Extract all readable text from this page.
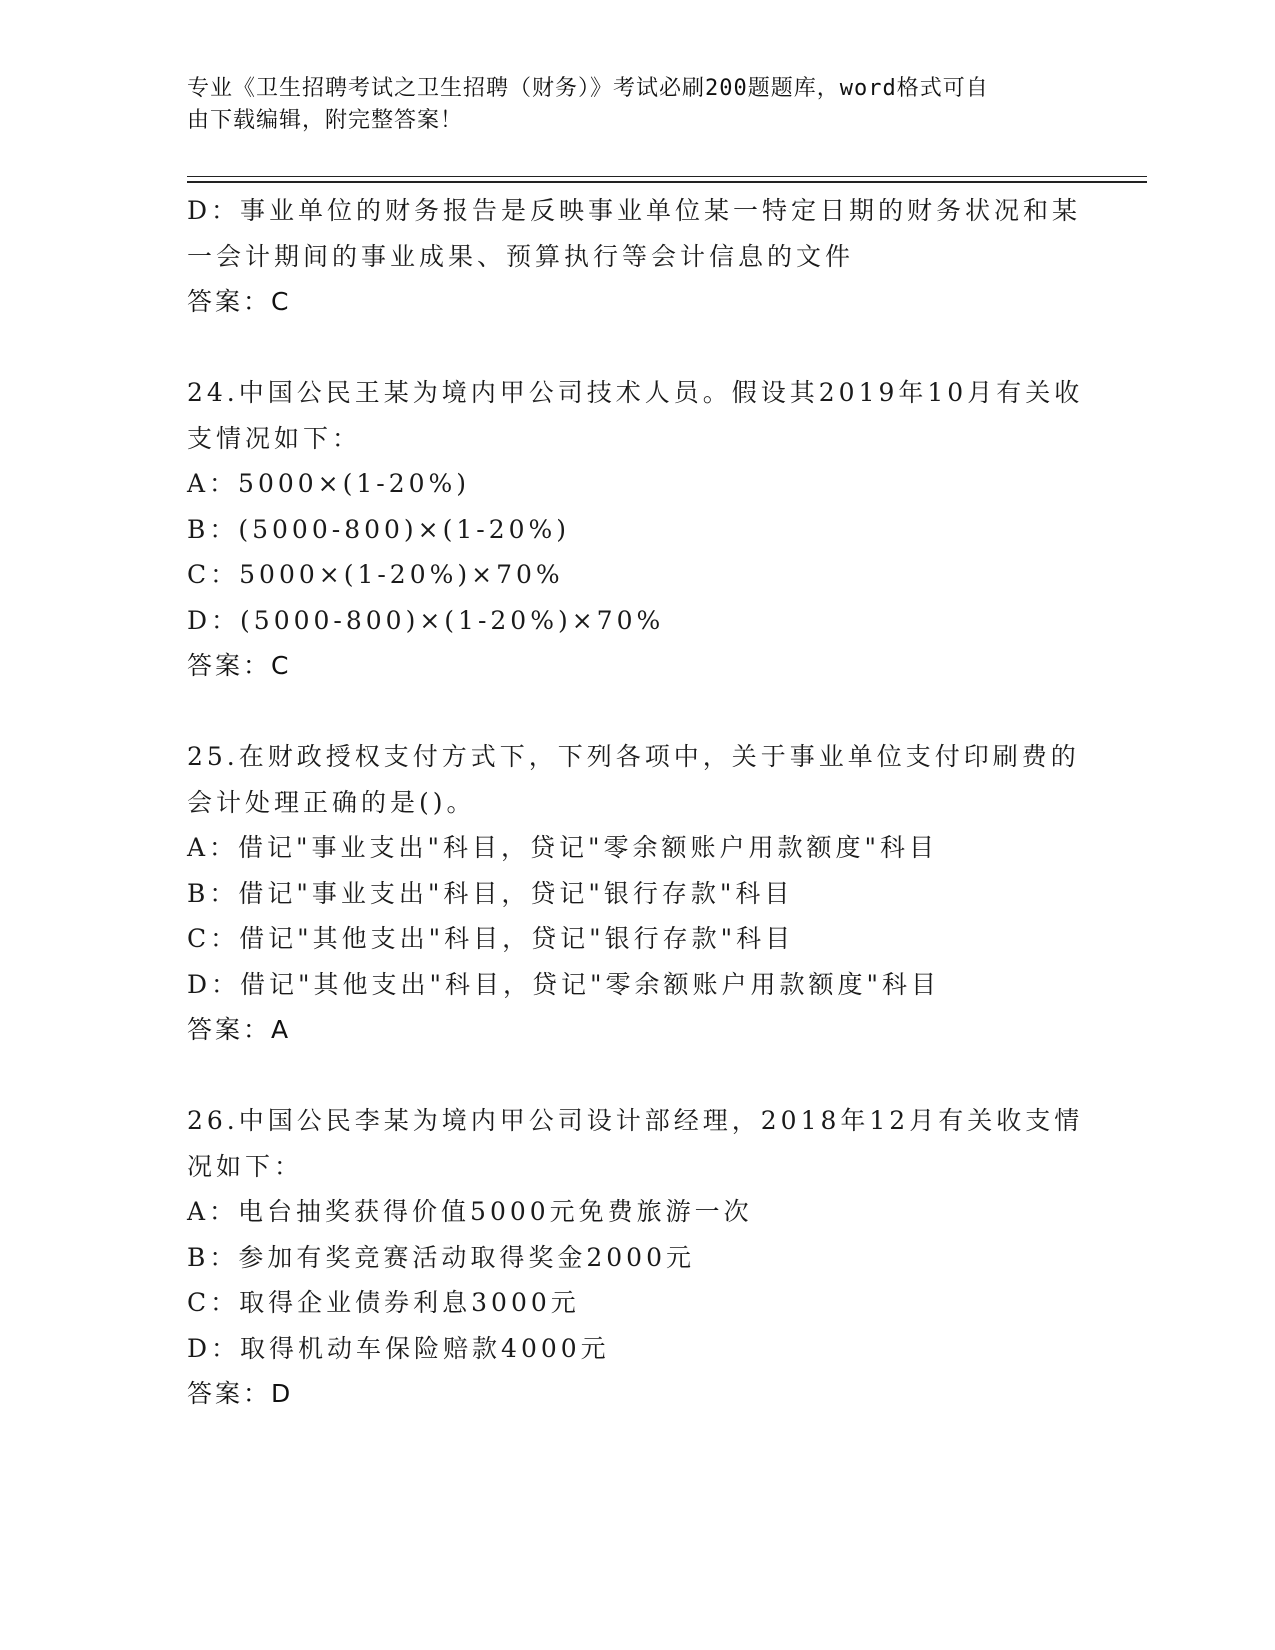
专业《卫生招聘考试之卫生招聘（财务）》考试必刷200题题库，word格式可自
由下载编辑，附完整答案！
D：事业单位的财务报告是反映事业单位某一特定日期的财务状况和某
一会计期间的事业成果、预算执行等会计信息的文件
答案：C
24.中国公民王某为境内甲公司技术人员。假设其2019年10月有关收
支情况如下：
A：5000×(1-20%)
B：(5000-800)×(1-20%)
C：5000×(1-20%)×70%
D：(5000-800)×(1-20%)×70%
答案：C
25.在财政授权支付方式下，下列各项中，关于事业单位支付印刷费的
会计处理正确的是()。
A：借记"事业支出"科目，贷记"零余额账户用款额度"科目
B：借记"事业支出"科目，贷记"银行存款"科目
C：借记"其他支出"科目，贷记"银行存款"科目
D：借记"其他支出"科目，贷记"零余额账户用款额度"科目
答案：A
26.中国公民李某为境内甲公司设计部经理，2018年12月有关收支情
况如下：
A：电台抽奖获得价值5000元免费旅游一次
B：参加有奖竞赛活动取得奖金2000元
C：取得企业债券利息3000元
D：取得机动车保险赔款4000元
答案：D
